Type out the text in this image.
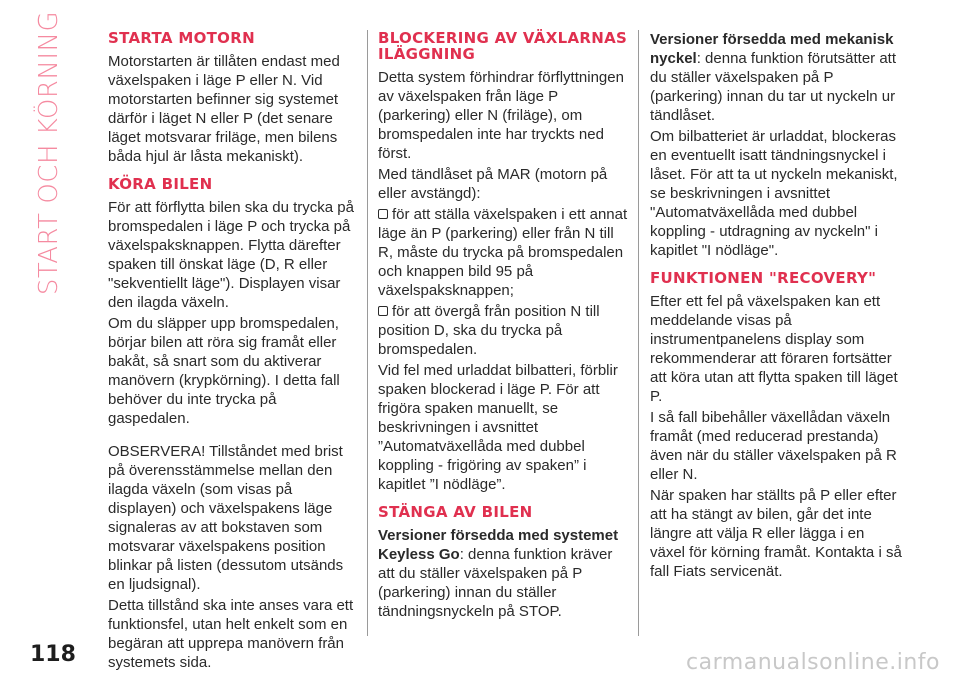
START OCH KÖRNING	STARTA MOTORN

Motorstarten är tillåten endast med växelspaken i läge P eller N. Vid motorstarten befinner sig systemet därför i läget N eller P (det senare läget motsvarar friläge, men bilens båda hjul är låsta mekaniskt).

KÖRA BILEN

För att förflytta bilen ska du trycka på bromspedalen i läge P och trycka på växelspaksknappen. Flytta därefter spaken till önskat läge (D, R eller "sekventiellt läge"). Displayen visar den ilagda växeln.

Om du släpper upp bromspedalen, börjar bilen att röra sig framåt eller bakåt, så snart som du aktiverar manövern (krypkörning). I detta fall behöver du inte trycka på gaspedalen.

OBSERVERA! Tillståndet med brist på överensstämmelse mellan den ilagda växeln (som visas på displayen) och växelspakens läge signaleras av att bokstaven som motsvarar växelspakens position blinkar på listen (dessutom utsänds en ljudsignal).

Detta tillstånd ska inte anses vara ett funktionsfel, utan helt enkelt som en begäran att upprepa manövern från systemets sida.

BLOCKERING AV VÄXLARNAS ILÄGGNING

Detta system förhindrar förflyttningen av växelspaken från läge P (parkering) eller N (friläge), om bromspedalen inte har tryckts ned först.

Med tändlåset på MAR (motorn på eller avstängd):

för att ställa växelspaken i ett annat läge än P (parkering) eller från N till R, måste du trycka på bromspedalen och knappen bild 95 på växelspaksknappen;

för att övergå från position N till position D, ska du trycka på bromspedalen.

Vid fel med urladdat bilbatteri, förblir spaken blockerad i läge P. För att frigöra spaken manuellt, se beskrivningen i avsnittet ”Automatväxellåda med dubbel koppling - frigöring av spaken” i kapitlet ”I nödläge”.

STÄNGA AV BILEN

Versioner försedda med systemet Keyless Go: denna funktion kräver att du ställer växelspaken på P (parkering) innan du ställer tändningsnyckeln på STOP.

Versioner försedda med mekanisk nyckel: denna funktion förutsätter att du ställer växelspaken på P (parkering) innan du tar ut nyckeln ur tändlåset.

Om bilbatteriet är urladdat, blockeras en eventuellt isatt tändningsnyckel i låset. För att ta ut nyckeln mekaniskt, se beskrivningen i avsnittet "Automatväxellåda med dubbel koppling - utdragning av nyckeln" i kapitlet "I nödläge".

FUNKTIONEN "RECOVERY"

Efter ett fel på växelspaken kan ett meddelande visas på instrumentpanelens display som rekommenderar att föraren fortsätter att köra utan att flytta spaken till läget P.

I så fall bibehåller växellådan växeln framåt (med reducerad prestanda) även när du ställer växelspaken på R eller N.

När spaken har ställts på P eller efter att ha stängt av bilen, går det inte längre att välja R eller lägga i en växel för körning framåt. Kontakta i så fall Fiats servicenät.

118	carmanualsonline.info
